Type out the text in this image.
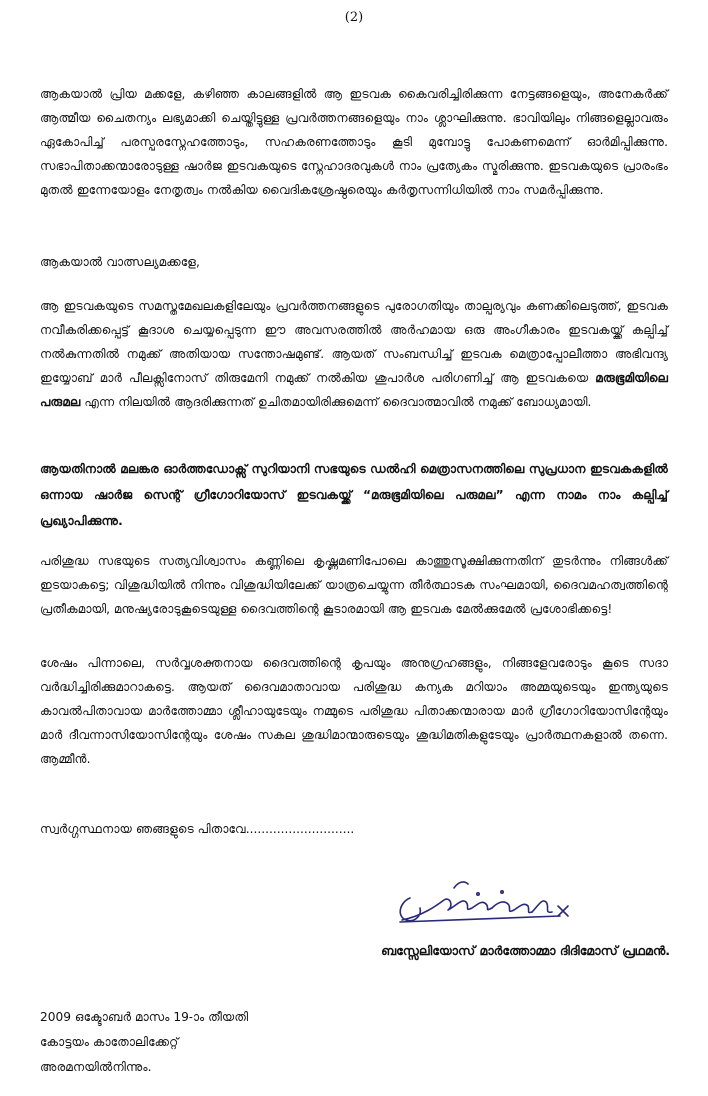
(2)

ആകയാൽ പ്രിയ മക്കളേ, കഴിഞ്ഞ കാലങ്ങളിൽ ആ ഇടവക കൈവരിച്ചിരിക്കുന്ന നേട്ടങ്ങളെയും, അനേകർക്ക് ആത്മീയ ചൈതന്യം ലഭ്യമാക്കി ചെയ്തിട്ടുള്ള പ്രവർത്തനങ്ങളെയും നാം ശ്ലാഘിക്കുന്നു. ഭാവിയിലും നിങ്ങളെല്ലാവരും ഏകോപിച്ച് പരസ്പരസ്നേഹത്തോടും, സഹകരണത്തോടും കൂടി മുമ്പോട്ടു പോകണമെന്ന് ഓർമിപ്പിക്കുന്നു. സഭാപിതാക്കന്മാരോടുള്ള ഷാർജ ഇടവകയുടെ സ്നേഹാദരവുകൾ നാം പ്രത്യേകം സ്മരിക്കുന്നു. ഇടവകയുടെ പ്രാരംഭം മുതൽ ഇന്നേയോളം നേതൃത്വം നൽകിയ വൈദികശ്രേഷ്ഠരെയും കർതൃസന്നിധിയിൽ നാം സമർപ്പിക്കുന്നു.

ആകയാൽ വാത്സല്യമക്കളേ,

ആ ഇടവകയുടെ സമസ്തമേഖലകളിലേയും പ്രവർത്തനങ്ങളുടെ പുരോഗതിയും താല്പര്യവും കണക്കിലെടുത്ത്, ഇടവക നവീകരിക്കപ്പെട്ട് കൂദാശ ചെയ്യപ്പെടുന്ന ഈ അവസരത്തിൽ അർഹമായ ഒരു അംഗീകാരം ഇടവകയ്ക്ക് കല്പിച്ച് നൽകുന്നതിൽ നമുക്ക് അതിയായ സന്തോഷമുണ്ട്. ആയത് സംബന്ധിച്ച് ഇടവക മെത്രാപ്പോലീത്താ അഭിവന്ദ്യ ഇയ്യോബ് മാർ പീലക്സിനോസ് തിരുമേനി നമുക്ക് നൽകിയ ശുപാർശ പരിഗണിച്ച് ആ ഇടവകയെ മരുഭൂമിയിലെ പരുമല എന്ന നിലയിൽ ആദരിക്കുന്നത് ഉചിതമായിരിക്കുമെന്ന് ദൈവാത്മാവിൽ നമുക്ക് ബോധ്യമായി.

ആയതിനാൽ മലങ്കര ഓർത്തഡോക്സ് സുറിയാനി സഭയുടെ ഡൽഹി മെത്രാസനത്തിലെ സുപ്രധാന ഇടവകകളിൽ ഒന്നായ ഷാർജ സെന്റ് ഗ്രീഗോറിയോസ് ഇടവകയ്ക്ക് “മരുഭൂമിയിലെ പരുമല” എന്ന നാമം നാം കല്പിച്ച് പ്രഖ്യാപിക്കുന്നു.

പരിശുദ്ധ സഭയുടെ സത്യവിശ്വാസം കണ്ണിലെ കൃഷ്ണമണിപോലെ കാത്തുസൂക്ഷിക്കുന്നതിന് തുടർന്നും നിങ്ങൾക്ക് ഇടയാകട്ടെ; വിശുദ്ധിയിൽ നിന്നും വിശുദ്ധിയിലേക്ക് യാത്രചെയ്യുന്ന തീർത്ഥാടക സംഘമായി, ദൈവമഹത്വത്തിന്റെ പ്രതീകമായി, മനുഷ്യരോടുകൂടെയുള്ള ദൈവത്തിന്റെ കൂടാരമായി ആ ഇടവക മേൽക്കുമേൽ പ്രശോഭിക്കട്ടെ!

ശേഷം പിന്നാലെ, സർവ്വശക്തനായ ദൈവത്തിന്റെ കൃപയും അനുഗ്രഹങ്ങളും, നിങ്ങളേവരോടും കൂടെ സദാ വർദ്ധിച്ചിരിക്കുമാറാകട്ടെ. ആയത് ദൈവമാതാവായ പരിശുദ്ധ കന്യക മറിയാം അമ്മയുടെയും ഇന്ത്യയുടെ കാവൽപിതാവായ മാർത്തോമ്മാ ശ്ലീഹായുടേയും നമ്മുടെ പരിശുദ്ധ പിതാക്കന്മാരായ മാർ ഗ്രീഗോറിയോസിന്റേയും മാർ ദീവന്നാസിയോസിന്റേയും ശേഷം സകല ശുദ്ധിമാന്മാരുടെയും ശുദ്ധിമതികളുടേയും പ്രാർത്ഥനകളാൽ തന്നെ. ആമ്മീൻ.

സ്വർഗ്ഗസ്ഥനായ ഞങ്ങളുടെ പിതാവേ............................

ബസ്സേലിയോസ് മാർത്തോമ്മാ ദിദിമോസ് പ്രഥമൻ.
2009 ഒക്ടോബർ മാസം 19-ാം തീയതി
കോട്ടയം കാതോലിക്കേറ്റ്
അരമനയിൽനിന്നും.
